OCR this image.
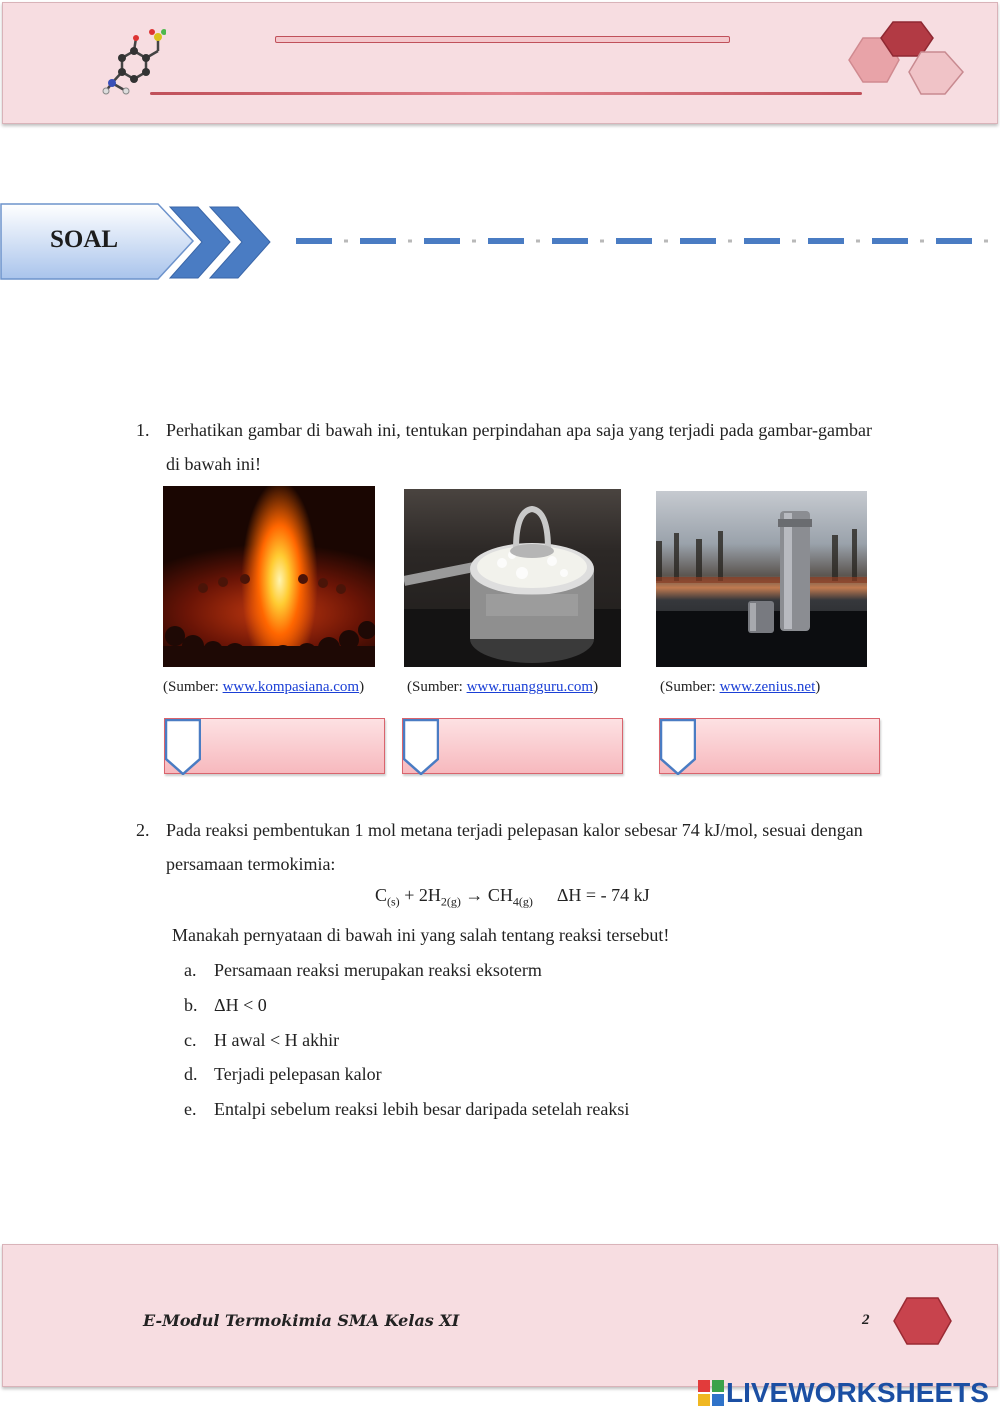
SOAL
1. Perhatikan gambar di bawah ini, tentukan perpindahan apa saja yang terjadi pada gambar-gambar di bawah ini!
(Sumber: www.kompasiana.com)	(Sumber: www.ruangguru.com)	(Sumber: www.zenius.net)
2. Pada reaksi pembentukan 1 mol metana terjadi pelepasan kalor sebesar 74 kJ/mol, sesuai dengan persamaan termokimia:
$C_{(s)} + 2H_{2(g)} \to CH_{4(g)}$ ΔH = - 74 kJ
Manakah pernyataan di bawah ini yang salah tentang reaksi tersebut!
a. Persamaan reaksi merupakan reaksi eksoterm
b. ΔH < 0
c. H awal < H akhir
d. Terjadi pelepasan kalor
e. Entalpi sebelum reaksi lebih besar daripada setelah reaksi
E-Modul Termokimia SMA Kelas XI	2
LIVEWORKSHEETS
